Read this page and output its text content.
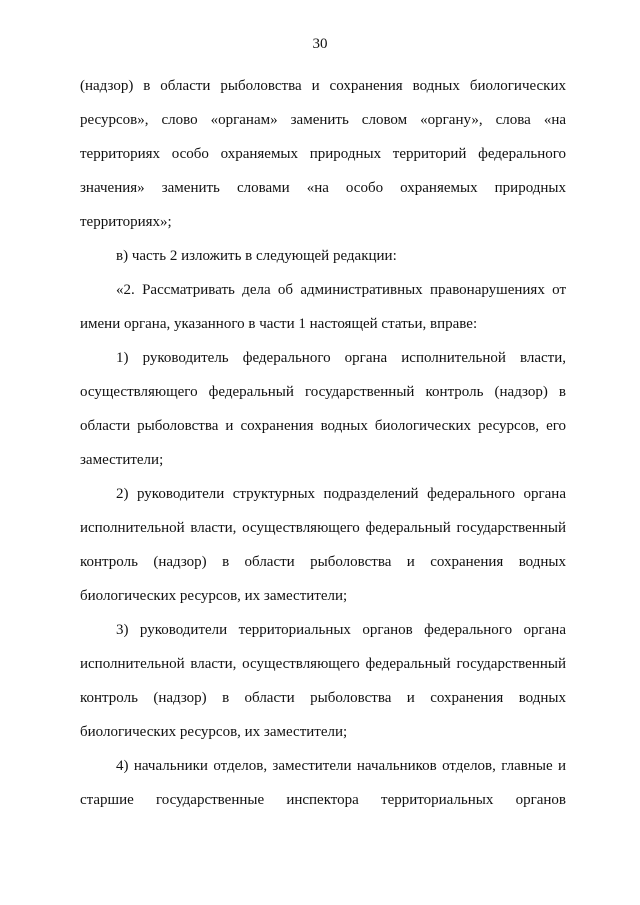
30
(надзор) в области рыболовства и сохранения водных биологических
ресурсов», слово «органам» заменить словом «органу», слова «на
территориях особо охраняемых природных территорий федерального
значения» заменить словами «на особо охраняемых природных
территориях»;
в) часть 2 изложить в следующей редакции:
«2. Рассматривать дела об административных правонарушениях от
имени органа, указанного в части 1 настоящей статьи, вправе:
1) руководитель федерального органа исполнительной власти,
осуществляющего федеральный государственный контроль (надзор) в
области рыболовства и сохранения водных биологических ресурсов, его
заместители;
2) руководители структурных подразделений федерального органа
исполнительной власти, осуществляющего федеральный государственный
контроль (надзор) в области рыболовства и сохранения водных
биологических ресурсов, их заместители;
3) руководители территориальных органов федерального органа
исполнительной власти, осуществляющего федеральный государственный
контроль (надзор) в области рыболовства и сохранения водных
биологических ресурсов, их заместители;
4) начальники отделов, заместители начальников отделов, главные и
старшие государственные инспектора территориальных органов
